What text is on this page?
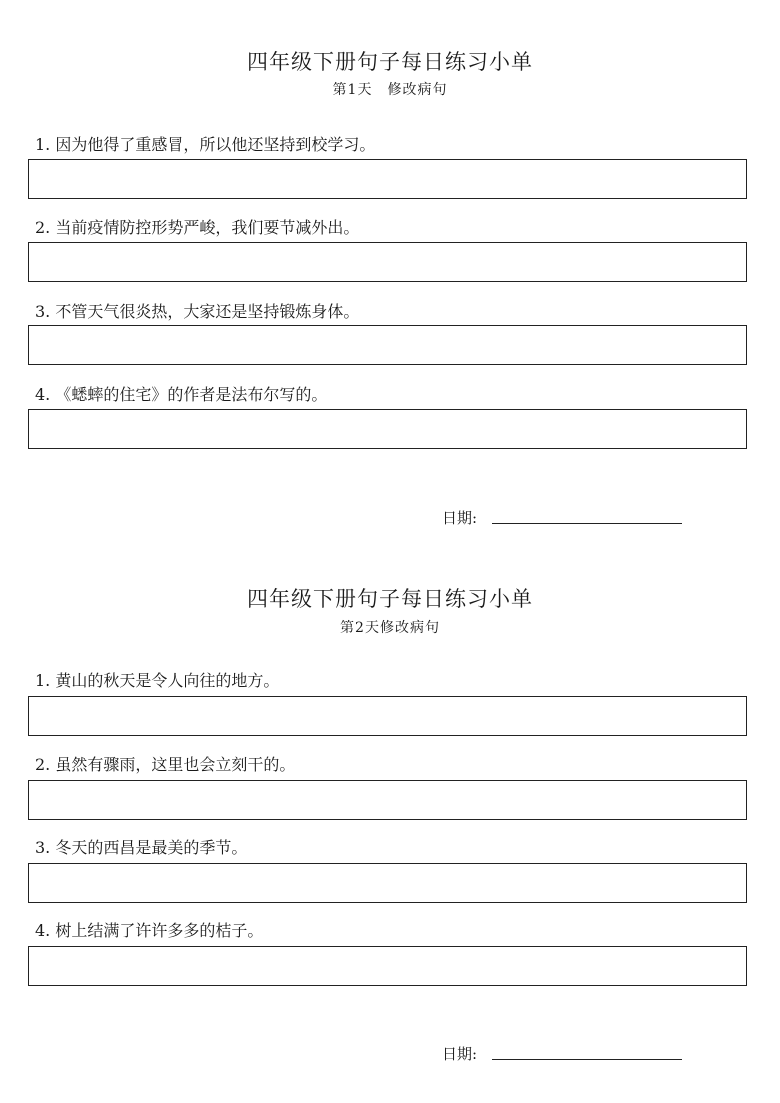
四年级下册句子每日练习小单
第1天　修改病句
1. 因为他得了重感冒，所以他还坚持到校学习。
2. 当前疫情防控形势严峻，我们要节减外出。
3. 不管天气很炎热，大家还是坚持锻炼身体。
4. 《蟋蟀的住宅》的作者是法布尔写的。
日期:
四年级下册句子每日练习小单
第2天修改病句
1. 黄山的秋天是令人向往的地方。
2. 虽然有骤雨，这里也会立刻干的。
3. 冬天的西昌是最美的季节。
4. 树上结满了许许多多的桔子。
日期:
